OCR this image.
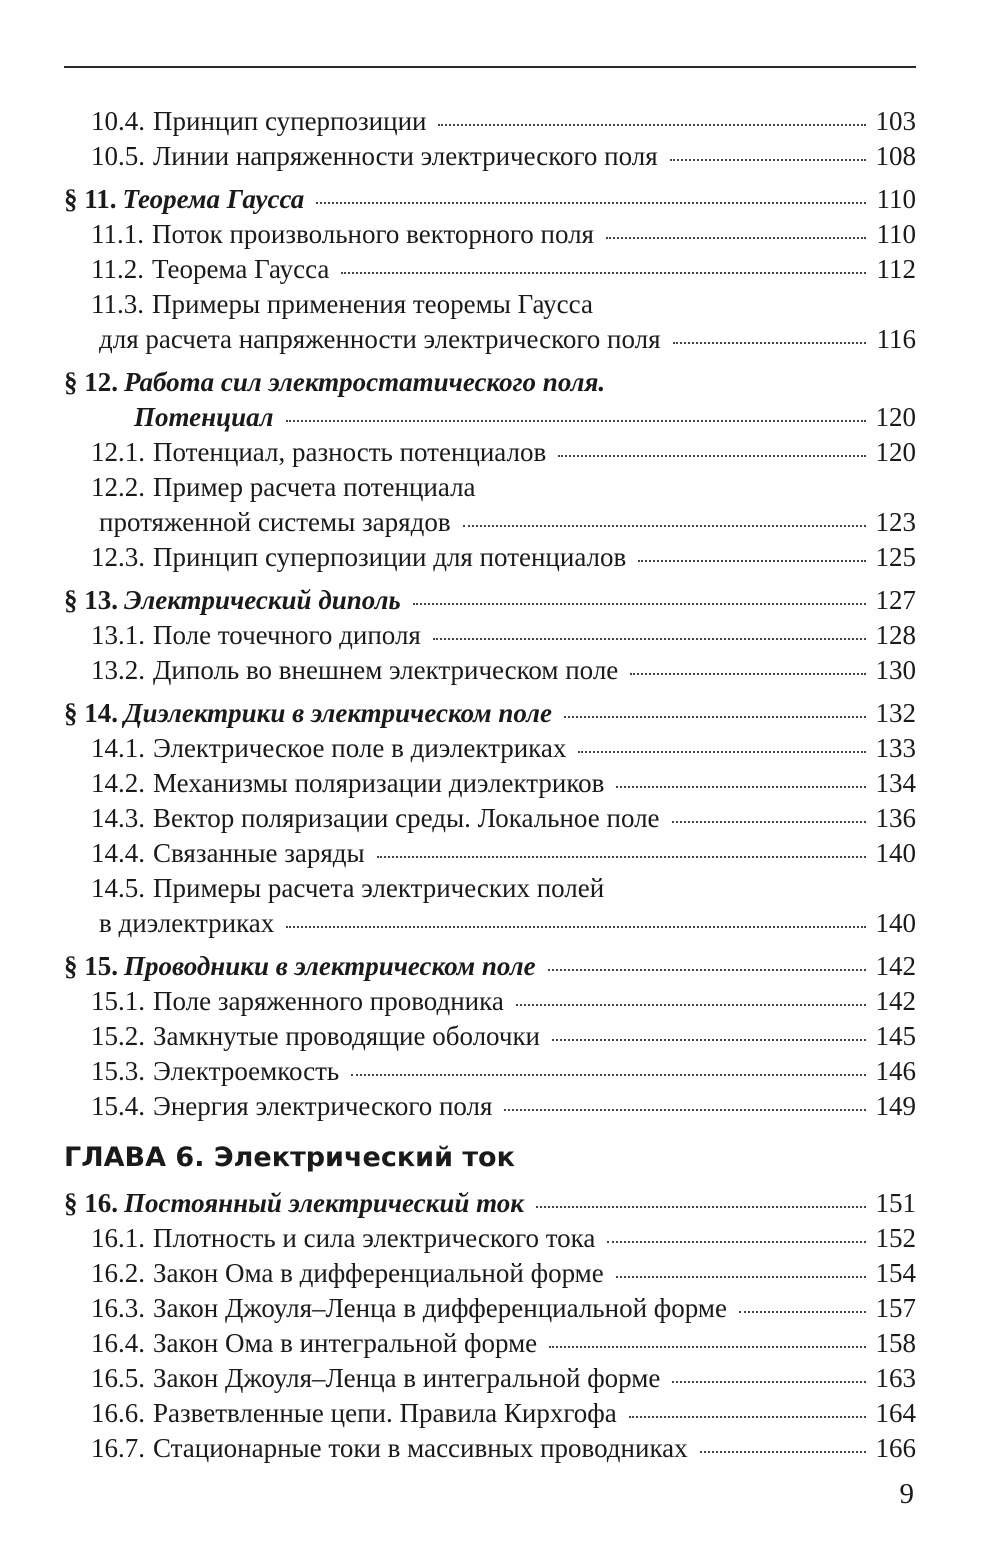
10.4. Принцип суперпозиции	103
10.5. Линии напряженности электрического поля	108
§ 11. Теорема Гаусса	110
11.1. Поток произвольного векторного поля	110
11.2. Теорема Гаусса	112
11.3. Примеры применения теоремы Гаусса
для расчета напряженности электрического поля	116
§ 12. Работа сил электростатического поля.
Потенциал	120
12.1. Потенциал, разность потенциалов	120
12.2. Пример расчета потенциала
протяженной системы зарядов	123
12.3. Принцип суперпозиции для потенциалов	125
§ 13. Электрический диполь	127
13.1. Поле точечного диполя	128
13.2. Диполь во внешнем электрическом поле	130
§ 14. Диэлектрики в электрическом поле	132
14.1. Электрическое поле в диэлектриках	133
14.2. Механизмы поляризации диэлектриков	134
14.3. Вектор поляризации среды. Локальное поле	136
14.4. Связанные заряды	140
14.5. Примеры расчета электрических полей
в диэлектриках	140
§ 15. Проводники в электрическом поле	142
15.1. Поле заряженного проводника	142
15.2. Замкнутые проводящие оболочки	145
15.3. Электроемкость	146
15.4. Энергия электрического поля	149
ГЛАВА 6. Электрический ток
§ 16. Постоянный электрический ток	151
16.1. Плотность и сила электрического тока	152
16.2. Закон Ома в дифференциальной форме	154
16.3. Закон Джоуля–Ленца в дифференциальной форме	157
16.4. Закон Ома в интегральной форме	158
16.5. Закон Джоуля–Ленца в интегральной форме	163
16.6. Разветвленные цепи. Правила Кирхгофа	164
16.7. Стационарные токи в массивных проводниках	166
9
